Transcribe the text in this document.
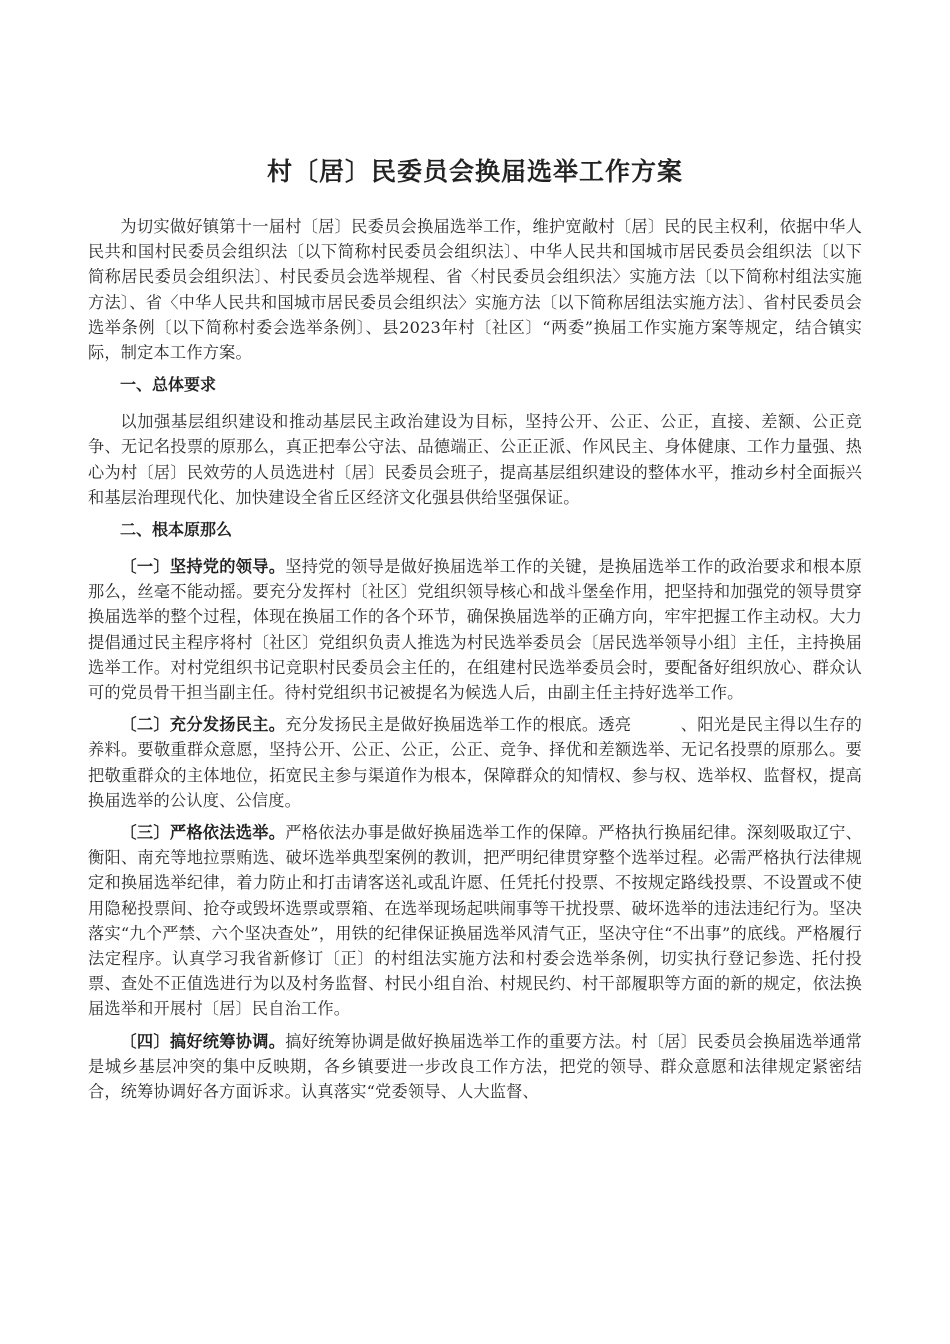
村〔居〕民委员会换届选举工作方案

为切实做好镇第十一届村〔居〕民委员会换届选举工作，维护宽敞村〔居〕民的民主权利，依据中华人民共和国村民委员会组织法〔以下简称村民委员会组织法〕、中华人民共和国城市居民委员会组织法〔以下简称居民委员会组织法〕、村民委员会选举规程、省〈村民委员会组织法〉实施方法〔以下简称村组法实施方法〕、省〈中华人民共和国城市居民委员会组织法〉实施方法〔以下简称居组法实施方法〕、省村民委员会选举条例〔以下简称村委会选举条例〕、县2023年村〔社区〕“两委”换届工作实施方案等规定，结合镇实际，制定本工作方案。

一、总体要求

以加强基层组织建设和推动基层民主政治建设为目标，坚持公开、公正、公正，直接、差额、公正竞争、无记名投票的原那么，真正把奉公守法、品德端正、公正正派、作风民主、身体健康、工作力量强、热心为村〔居〕民效劳的人员选进村〔居〕民委员会班子，提高基层组织建设的整体水平，推动乡村全面振兴和基层治理现代化、加快建设全省丘区经济文化强县供给坚强保证。

二、根本原那么

〔一〕坚持党的领导。坚持党的领导是做好换届选举工作的关键，是换届选举工作的政治要求和根本原那么，丝毫不能动摇。要充分发挥村〔社区〕党组织领导核心和战斗堡垒作用，把坚持和加强党的领导贯穿换届选举的整个过程，体现在换届工作的各个环节，确保换届选举的正确方向，牢牢把握工作主动权。大力提倡通过民主程序将村〔社区〕党组织负责人推选为村民选举委员会〔居民选举领导小组〕主任，主持换届选举工作。对村党组织书记竞职村民委员会主任的，在组建村民选举委员会时，要配备好组织放心、群众认可的党员骨干担当副主任。待村党组织书记被提名为候选人后，由副主任主持好选举工作。

〔二〕充分发扬民主。充分发扬民主是做好换届选举工作的根底。透亮　　　、阳光是民主得以生存的养料。要敬重群众意愿，坚持公开、公正、公正，公正、竞争、择优和差额选举、无记名投票的原那么。要把敬重群众的主体地位，拓宽民主参与渠道作为根本，保障群众的知情权、参与权、选举权、监督权，提高换届选举的公认度、公信度。

〔三〕严格依法选举。严格依法办事是做好换届选举工作的保障。严格执行换届纪律。深刻吸取辽宁、衡阳、南充等地拉票贿选、破坏选举典型案例的教训，把严明纪律贯穿整个选举过程。必需严格执行法律规定和换届选举纪律，着力防止和打击请客送礼或乱许愿、任凭托付投票、不按规定路线投票、不设置或不使用隐秘投票间、抢夺或毁坏选票或票箱、在选举现场起哄闹事等干扰投票、破坏选举的违法违纪行为。坚决落实“九个严禁、六个坚决查处”，用铁的纪律保证换届选举风清气正，坚决守住“不出事”的底线。严格履行法定程序。认真学习我省新修订〔正〕的村组法实施方法和村委会选举条例，切实执行登记参选、托付投票、查处不正值选进行为以及村务监督、村民小组自治、村规民约、村干部履职等方面的新的规定，依法换届选举和开展村〔居〕民自治工作。

〔四〕搞好统筹协调。搞好统筹协调是做好换届选举工作的重要方法。村〔居〕民委员会换届选举通常是城乡基层冲突的集中反映期，各乡镇要进一步改良工作方法，把党的领导、群众意愿和法律规定紧密结合，统筹协调好各方面诉求。认真落实“党委领导、人大监督、
